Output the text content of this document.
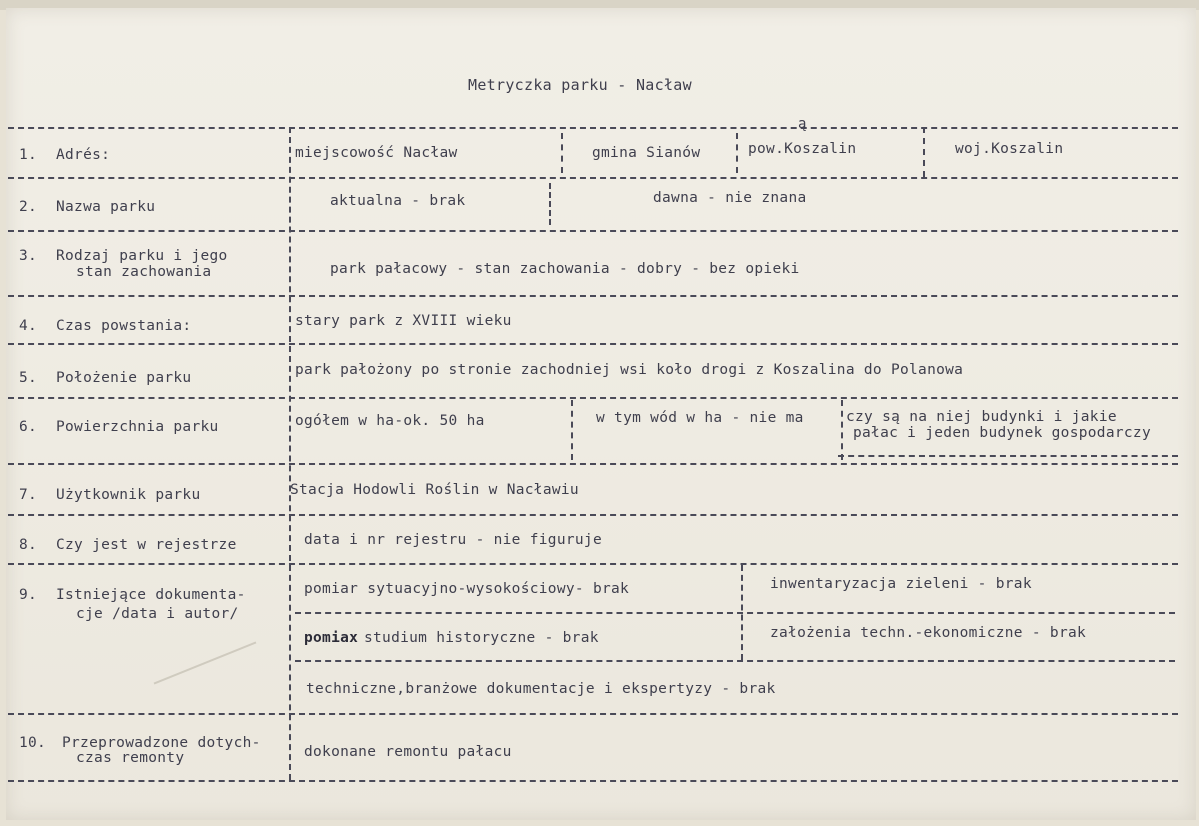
Metryczka parku - Nacław
1. Adrés:	miejscowość Nacław	gmina Sianów	pow.Koszalin	woj.Koszalin
ą
2. Nazwa parku	aktualna - brak	dawna - nie znana
3. Rodzaj parku i jego
stan zachowania	park pałacowy - stan zachowania - dobry - bez opieki
4. Czas powstania:	stary park z XVIII wieku
5. Położenie parku	park pałożony po stronie zachodniej wsi koło drogi z Koszalina do Polanowa
6. Powierzchnia parku	ogółem w ha-ok. 50 ha	w tym wód w ha - nie ma	czy są na niej budynki i jakie
pałac i jeden budynek gospodarczy
7. Użytkownik parku	Stacja Hodowli Roślin w Nacławiu
8. Czy jest w rejestrze	data i nr rejestru - nie figuruje
9. Istniejące dokumenta-
cje /data i autor/
pomiar sytuacyjno-wysokościowy- brak	inwentaryzacja zieleni - brak
pomiax studium historyczne - brak	założenia techn.-ekonomiczne - brak
techniczne,branżowe dokumentacje i ekspertyzy - brak
10. Przeprowadzone dotych-
czas remonty	dokonane remontu pałacu
